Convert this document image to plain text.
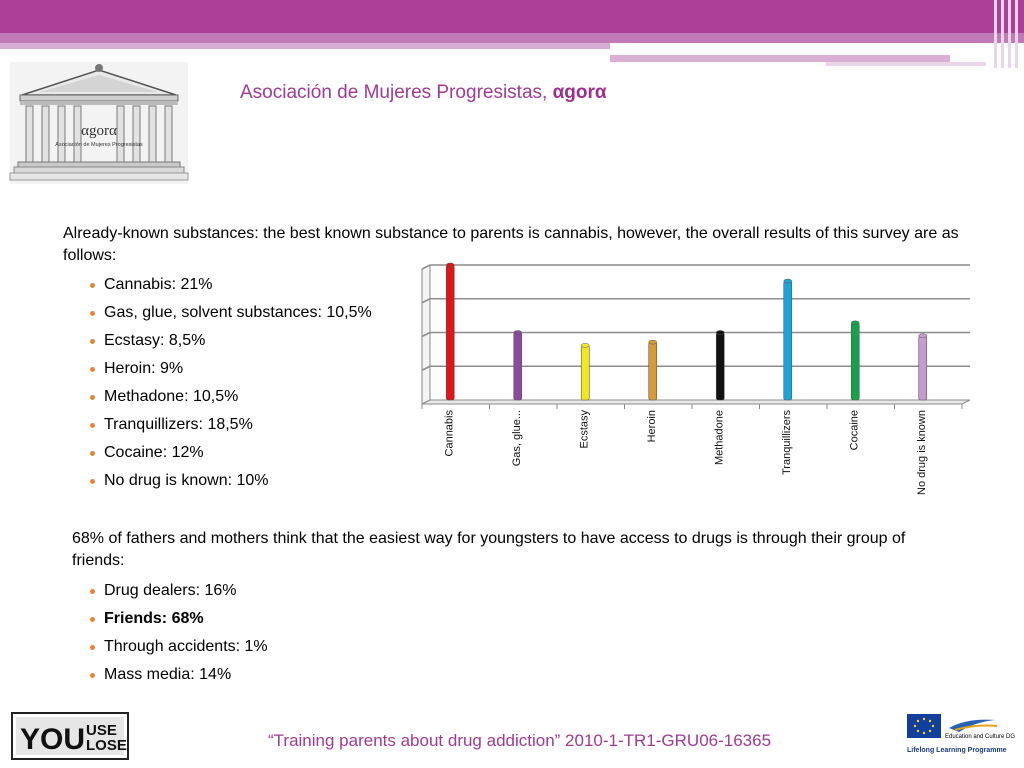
αgorα
Asociación de Mujeres Progresistas
Asociación de Mujeres Progresistas, αgorα
Cannabis	Gas, glue...	Ecstasy	Heroin	Methadone	Tranquillizers	Cocaine	No drug is known
Already-known substances: the best known substance to parents is cannabis, however, the overall results of this survey are as follows:
Cannabis: 21%
Gas, glue, solvent substances: 10,5%
Ecstasy: 8,5%
Heroin: 9%
Methadone: 10,5%
Tranquillizers: 18,5%
Cocaine: 12%
No drug is known: 10%
68% of fathers and mothers think that the easiest way for youngsters to have access to drugs is through their group of friends:
Drug dealers: 16%
Friends: 68%
Through accidents: 1%
Mass media: 14%
YOU USE
LOSE	“Training parents about drug addiction” 2010-1-TR1-GRU06-16365	Education and Culture DG
Lifelong Learning Programme
